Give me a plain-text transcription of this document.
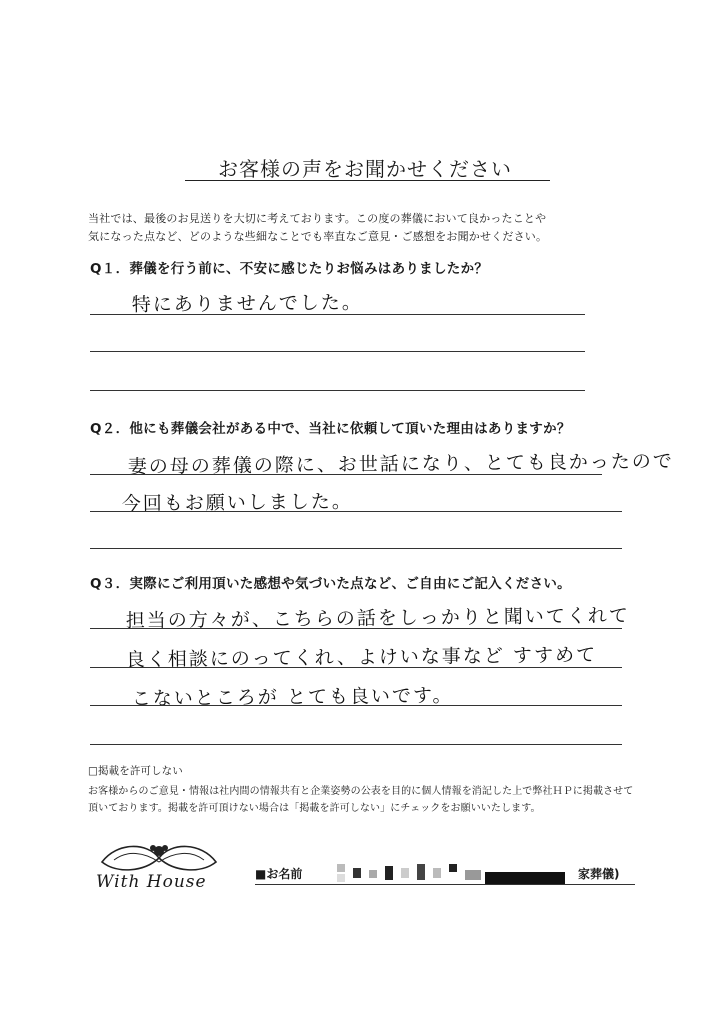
お客様の声をお聞かせください
当社では、最後のお見送りを大切に考えております。この度の葬儀において良かったことや
気になった点など、どのような些細なことでも率直なご意見・ご感想をお聞かせください。
Q１．葬儀を行う前に、不安に感じたりお悩みはありましたか？
特にありませんでした。
Q２．他にも葬儀会社がある中で、当社に依頼して頂いた理由はありますか？
妻の母の葬儀の際に、お世話になり、とても良かったので
今回もお願いしました。
Q３．実際にご利用頂いた感想や気づいた点など、ご自由にご記入ください。
担当の方々が、こちらの話をしっかりと聞いてくれて
良く相談にのってくれ、よけいな事など すすめて
こないところが とても良いです。
□掲載を許可しない
お客様からのご意見・情報は社内間の情報共有と企業姿勢の公表を目的に個人情報を消記した上で弊社ＨＰに掲載させて
頂いております。掲載を許可頂けない場合は「掲載を許可しない」にチェックをお願いいたします。
With House	■お名前	家葬儀)
